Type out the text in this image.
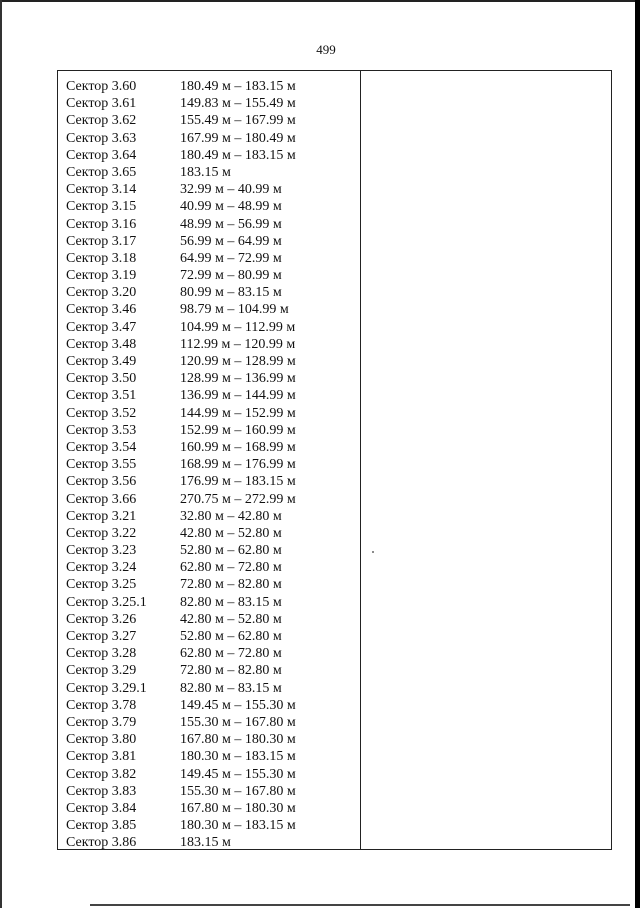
499
Сектор 3.60	180.49 м – 183.15 м
Сектор 3.61	149.83 м – 155.49 м
Сектор 3.62	155.49 м – 167.99 м
Сектор 3.63	167.99 м – 180.49 м
Сектор 3.64	180.49 м – 183.15 м
Сектор 3.65	183.15 м
Сектор 3.14	32.99 м – 40.99 м
Сектор 3.15	40.99 м – 48.99 м
Сектор 3.16	48.99 м – 56.99 м
Сектор 3.17	56.99 м – 64.99 м
Сектор 3.18	64.99 м – 72.99 м
Сектор 3.19	72.99 м – 80.99 м
Сектор 3.20	80.99 м – 83.15 м
Сектор 3.46	98.79 м – 104.99 м
Сектор 3.47	104.99 м – 112.99 м
Сектор 3.48	112.99 м – 120.99 м
Сектор 3.49	120.99 м – 128.99 м
Сектор 3.50	128.99 м – 136.99 м
Сектор 3.51	136.99 м – 144.99 м
Сектор 3.52	144.99 м – 152.99 м
Сектор 3.53	152.99 м – 160.99 м
Сектор 3.54	160.99 м – 168.99 м
Сектор 3.55	168.99 м – 176.99 м
Сектор 3.56	176.99 м – 183.15 м
Сектор 3.66	270.75 м – 272.99 м
Сектор 3.21	32.80 м – 42.80 м
Сектор 3.22	42.80 м – 52.80 м
Сектор 3.23	52.80 м – 62.80 м
Сектор 3.24	62.80 м – 72.80 м
Сектор 3.25	72.80 м – 82.80 м
Сектор 3.25.1 82.80 м – 83.15 м
Сектор 3.26	42.80 м – 52.80 м
Сектор 3.27	52.80 м – 62.80 м
Сектор 3.28	62.80 м – 72.80 м
Сектор 3.29	72.80 м – 82.80 м
Сектор 3.29.1 82.80 м – 83.15 м
Сектор 3.78	149.45 м – 155.30 м
Сектор 3.79	155.30 м – 167.80 м
Сектор 3.80	167.80 м – 180.30 м
Сектор 3.81	180.30 м – 183.15 м
Сектор 3.82	149.45 м – 155.30 м
Сектор 3.83	155.30 м – 167.80 м
Сектор 3.84	167.80 м – 180.30 м
Сектор 3.85	180.30 м – 183.15 м
Сектор 3.86	183.15 м
